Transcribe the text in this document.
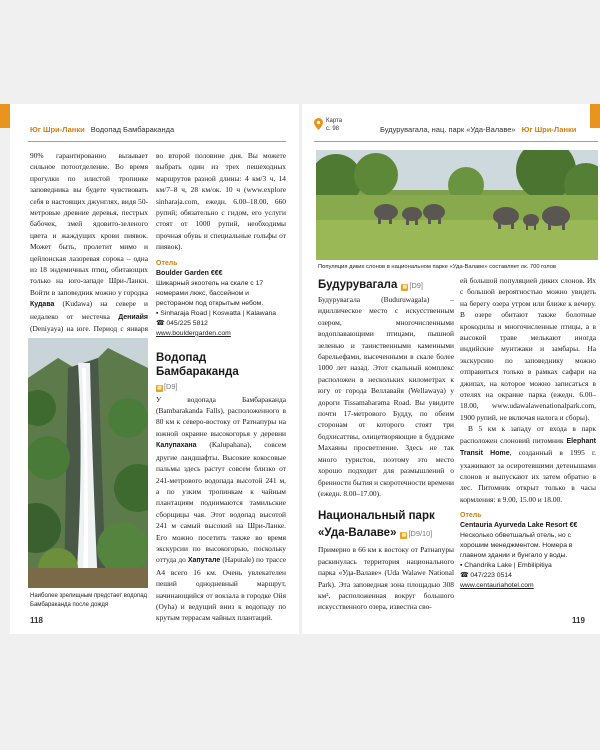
Юг Шри-Ланки Водопад Бамбараканда

90% гарантированно вызывает сильное потоотделение. Во время прогулки по илистой тропинке заповедника вы будете чувствовать себя в настоящих джунглях, видя 50-метровые древние деревья, пестрых бабочек, змей ядовито-зеленого цвета и жаждущих крови пиявок. Может быть, пролетит мимо и цейлонская лазоревая сорока – одна из 18 эндемичных птиц, обитающих только на юго-западе Шри-Ланки. Войти в заповедник можно у городка Кудава (Kudawa) на севере и недалеко от местечка Дениайя (Deniyaya) на юге. Период с января

Наиболее зрелищным предстает водопад Бамбараканда после дождя
во второй половине дня. Вы можете выбрать один из трех пешеходных маршрутов разной длины: 4 км/3 ч, 14 км/7–8 ч, 28 км/ок. 10 ч (www.explore sinharaja.com, ежедн. 6.00–18.00, 660 рупий; обязательно с гидом, его услуги стоят от 1000 рупий, необходимы прочная обувь и специальные гольфы от пиявок).
Отель
Boulder Garden €€€
Шикарный экоотель на скале с 17 номерами люкс, бассейном и рестораном под открытым небом.
▪ Sinharaja Road | Koswatta | Kalawana
☎ 045/225 5812
www.bouldergarden.com
Водопад Бамбараканда
▦ [D9]
У водопада Бамбараканда (Bambarakanda Falls), расположенного в 80 км к северо-востоку от Ратнапуры на южной окраине высокогорья у деревни Калупахана (Kalupahana), совсем другие ландшафты. Высокие кокосовые пальмы здесь растут совсем близко от 241-метрового водопада высотой 241 м, а по узким тропинкам к чайным плантациям поднимаются тамильские сборщицы чая. Этот водопад высотой 241 м самый высокий на Шри-Ланке. Его можно посетить также во время экскурсии по высокогорью, поскольку оттуда до Хапутале (Haputale) по трассе А4 всего 16 км. Очень увлекателен пеший однодневный маршрут, начинающийся от вокзала в городке Ойя (Oyha) и ведущий вниз к водопаду по крутым террасам чайных плантаций.
118
Карта
с. 98	Будурувагала, нац. парк «Уда-Валаве» Юг Шри-Ланки
Популяция диких слонов в национальном парке «Уда-Валаве» составляет ок. 700 голов
Будурувагала ▦ [D9]
Будурувагала (Buduruwagala) – идиллическое место с искусственным озером, многочисленными водоплавающими птицами, пышной зеленью и таинственными каменными барельефами, высеченными в скале более 1000 лет назад. Этот скальный комплекс расположен в нескольких километрах к югу от города Веллавайя (Wellawaya) у дороги Tissamaharama Road. Вы увидите почти 17-метрового Будду, по обеим сторонам от которого стоят три бодхисаттвы, олицетворяющие в буддизме Махаяны просветление. Здесь не так много туристов, поэтому это место хорошо подходит для размышлений о бренности бытия и скоротечности времени (ежедн. 8.00–17.00).
Национальный парк
«Уда-Валаве» ▦ [D9/10]
Примерно в 66 км к востоку от Ратнапуры раскинулась территория национального парка «Уда-Валаве» (Uda Walawe National Park). Эта заповедная зона площадью 308 км², расположенная вокруг большого искусственного озера, известна сво-

ей большой популяцией диких слонов. Их с большой вероятностью можно увидеть на берегу озера утром или ближе к вечеру. В озере обитают также болотные крокодилы и многочисленные птицы, а в высокой траве мелькают иногда индийские мунтжаки и замбары. На экскурсию по заповеднику можно отправиться только в рамках сафари на джипах, на которое можно записаться в отелях на окраине парка (ежедн. 6.00–18.00, www.udawalawenationalpark.com, 1900 рупий, не включая налога и сборы).

В 5 км к западу от входа в парк расположен слоновий питомник Elephant Transit Home, созданный в 1995 г. ухаживают за осиротевшими детенышами слонов и выпускают их затем обратно в лес. Питомник открыт только в часы кормления: в 9.00, 15.00 и 18.00.

Отель
Centauria Ayurveda Lake Resort €€
Несколько обветшалый отель, но с хорошим менеджментом. Номера в главном здании и бунгало у воды.
▪ Chandrika Lake | Embilipitiya
☎ 047/223 0514
www.centauriahotel.com
119
